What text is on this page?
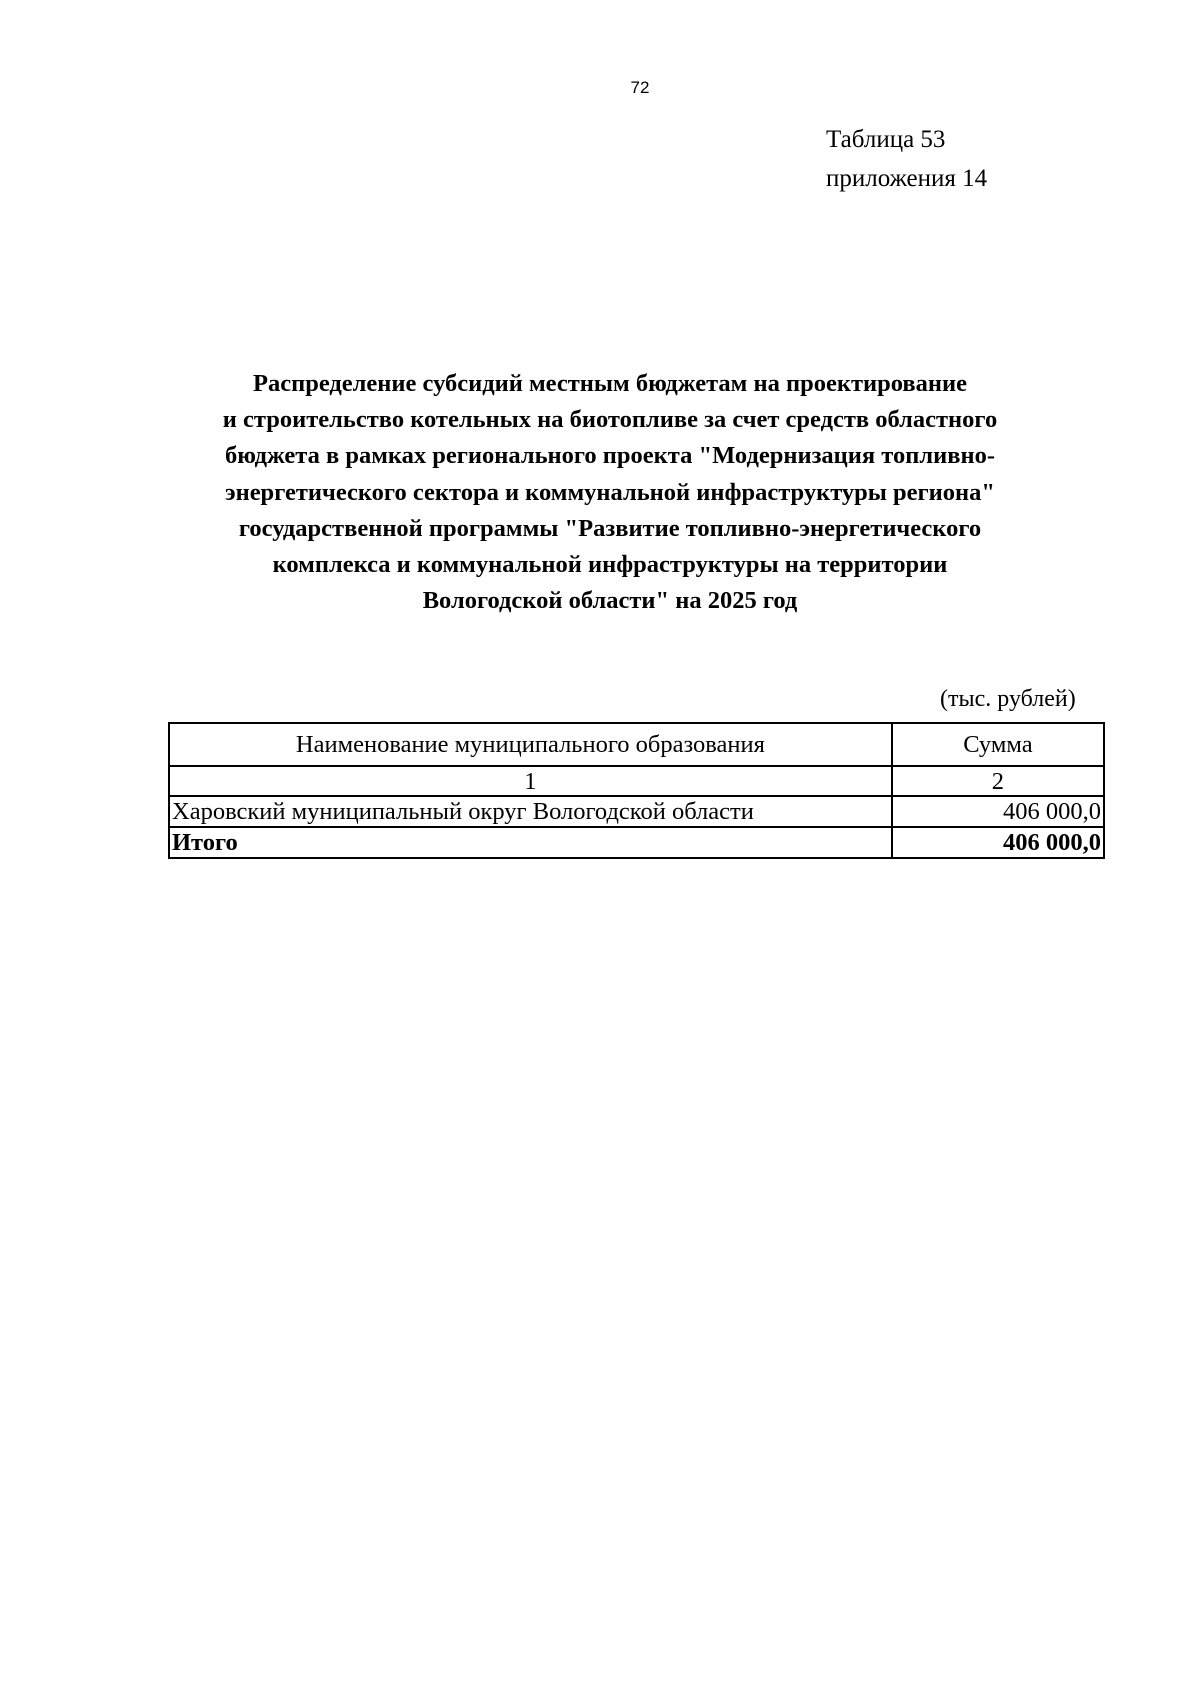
72
Таблица 53
приложения 14
Распределение субсидий местным бюджетам на проектирование
и строительство котельных на биотопливе за счет средств областного
бюджета в рамках регионального проекта "Модернизация топливно-
энергетического сектора и коммунальной инфраструктуры региона"
государственной программы "Развитие топливно-энергетического
комплекса и коммунальной инфраструктуры на территории
Вологодской области" на 2025 год
(тыс. рублей)
Наименование муниципального образования	Сумма
1	2
Харовский муниципальный округ Вологодской области	406 000,0
Итого	406 000,0
